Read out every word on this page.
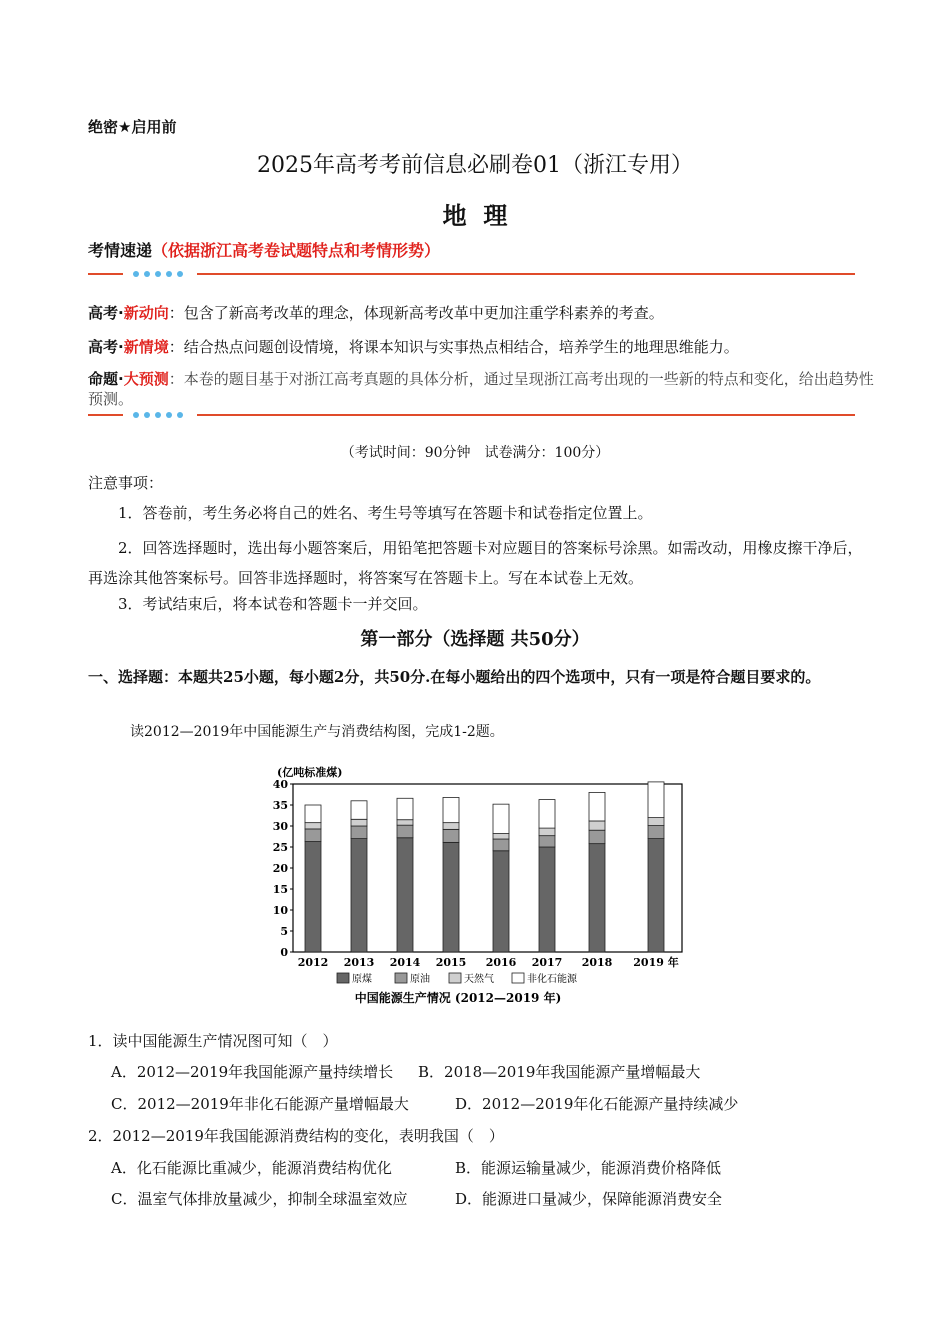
绝密★启用前
2025年高考考前信息必刷卷01（浙江专用）
地  理
考情速递（依据浙江高考卷试题特点和考情形势）
高考·新动向：包含了新高考改革的理念，体现新高考改革中更加注重学科素养的考查。
高考·新情境：结合热点问题创设情境，将课本知识与实事热点相结合，培养学生的地理思维能力。
命题·大预测：本卷的题目基于对浙江高考真题的具体分析，通过呈现浙江高考出现的一些新的特点和变化，给出趋势性预测。
（考试时间：90分钟　试卷满分：100分）
注意事项：
1．答卷前，考生务必将自己的姓名、考生号等填写在答题卡和试卷指定位置上。
2．回答选择题时，选出每小题答案后，用铅笔把答题卡对应题目的答案标号涂黑。如需改动，用橡皮擦干净后，再选涂其他答案标号。回答非选择题时，将答案写在答题卡上。写在本试卷上无效。
3．考试结束后，将本试卷和答题卡一并交回。
第一部分（选择题 共50分）
一、选择题：本题共25小题，每小题2分，共50分.在每小题给出的四个选项中，只有一项是符合题目要求的。
读2012—2019年中国能源生产与消费结构图，完成1-2题。
(亿吨标准煤)
0
5
10
15
20
25
30
35
40
2012 2013 2014 2015 2016 2017 2018 2019 年
原煤	原油	天然气	非化石能源
中国能源生产情况 (2012—2019 年)
1．读中国能源生产情况图可知（　）
A．2012—2019年我国能源产量持续增长 B．2018—2019年我国能源产量增幅最大
C．2012—2019年非化石能源产量增幅最大	D．2012—2019年化石能源产量持续减少
2．2012—2019年我国能源消费结构的变化，表明我国（　）
A．化石能源比重减少，能源消费结构优化	B．能源运输量减少，能源消费价格降低
C．温室气体排放量减少，抑制全球温室效应	D．能源进口量减少，保障能源消费安全
